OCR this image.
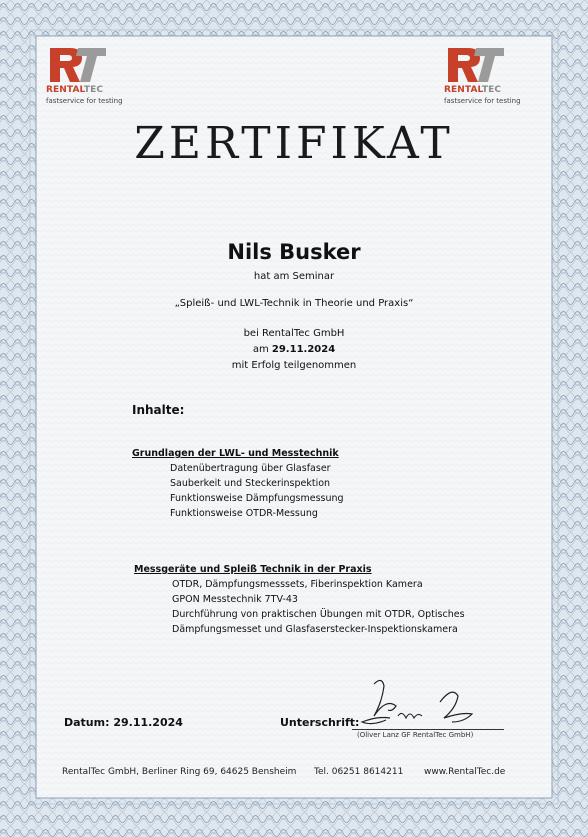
RENTALTEC
fastservice for testing
RENTALTEC
fastservice for testing
ZERTIFIKAT
Nils Busker
hat am Seminar
„Spleiß- und LWL-Technik in Theorie und Praxis“
bei RentalTec GmbH
am 29.11.2024
mit Erfolg teilgenommen
Inhalte:
Grundlagen der LWL- und Messtechnik
Datenübertragung über Glasfaser
Sauberkeit und Steckerinspektion
Funktionsweise Dämpfungsmessung
Funktionsweise OTDR-Messung
Messgeräte und Spleiß Technik in der Praxis
OTDR, Dämpfungsmesssets, Fiberinspektion Kamera
GPON Messtechnik 7TV-43
Durchführung von praktischen Übungen mit OTDR, Optisches
Dämpfungsmesset und Glasfaserstecker-Inspektionskamera
Datum: 29.11.2024	Unterschrift:
(Oliver Lanz GF RentalTec GmbH)
RentalTec GmbH, Berliner Ring 69, 64625 Bensheim Tel. 06251 8614211 www.RentalTec.de
